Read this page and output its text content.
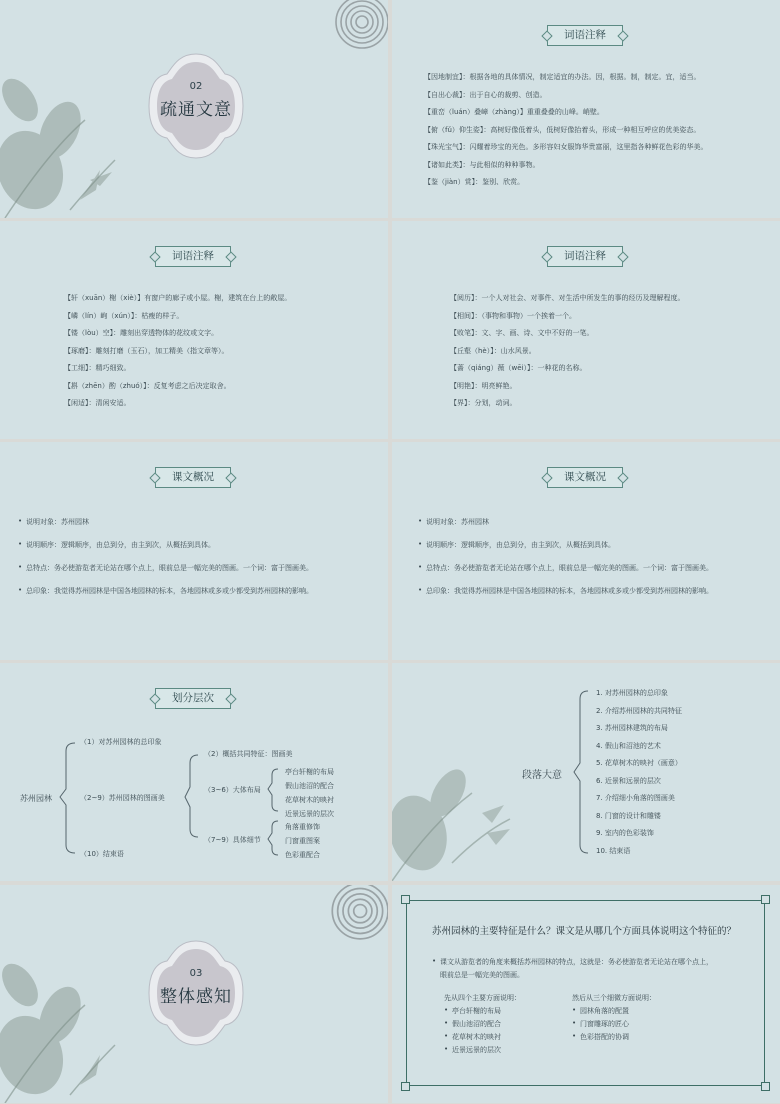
02
疏通文意
词语注释
【因地制宜】：根据各地的具体情况，制定适宜的办法。因，根据。制，制定。宜，适当。
【自出心裁】：出于自心的裁剪、创造。
【重峦（luán）叠嶂（zhàng）】重重叠叠的山峰。峭壁。
【俯（fǔ）仰生姿】：高树好像低着头，低树好像抬着头，形成一种相互呼应的优美姿态。
【珠光宝气】：闪耀着珍宝的光色。多形容妇女服饰华贵富丽，这里指各种鲜花色彩的华美。
【诸如此类】：与此相似的种种事物。
【鉴（jiàn）赏】：鉴别、欣赏。
词语注释
【轩（xuān）榭（xiè）】有窗户的廊子或小屋。榭，建筑在台上的敞屋。
【嶙（lín）峋（xún）】：枯瘦的样子。
【镂（lòu）空】：雕刻出穿透物体的花纹或文字。
【琢磨】：雕刻打磨（玉石），加工精美（指文章等）。
【工细】：精巧细致。
【斟（zhēn）酌（zhuó）】：反复考虑之后决定取舍。
【闲适】：清闲安适。
词语注释
【阅历】：一个人对社会、对事件、对生活中所发生的事的经历及理解程度。
【相间】：（事物和事物）一个挨着一个。
【败笔】：文、字、画、诗、文中不好的一笔。
【丘壑（hè）】：山水风景。
【蔷（qiáng）薇（wēi）】：一种花的名称。
【明艳】：明亮鲜艳。
【界】：分划，动词。
课文概况
• 说明对象：苏州园林
• 说明顺序：逻辑顺序，由总到分，由主到次，从概括到具体。
• 总特点：务必使游览者无论站在哪个点上，眼前总是一幅完美的图画。一个词：富于图画美。
• 总印象：我觉得苏州园林是中国各地园林的标本，各地园林或多或少都受到苏州园林的影响。
课文概况
• 说明对象：苏州园林
• 说明顺序：逻辑顺序，由总到分，由主到次，从概括到具体。
• 总特点：务必使游览者无论站在哪个点上，眼前总是一幅完美的图画。一个词：富于图画美。
• 总印象：我觉得苏州园林是中国各地园林的标本，各地园林或多或少都受到苏州园林的影响。
划分层次
苏州园林
（1）对苏州园林的总印象
（2~9）苏州园林的图画美
（10）结束语
（2）概括共同特征：图画美
（3~6）大体布局
（7~9）具体细节
亭台轩榭的布局
假山池沼的配合
花草树木的映衬
近景远景的层次
角落重修饰
门窗重图案
色彩重配合
段落大意
1. 对苏州园林的总印象
2. 介绍苏州园林的共同特征
3. 苏州园林建筑的布局
4. 假山和沼池的艺术
5. 花草树木的映衬（画意）
6. 近景和远景的层次
7. 介绍细小角落的图画美
8. 门窗的设计和雕镂
9. 室内的色彩装饰
10. 结束语
03
整体感知
苏州园林的主要特征是什么？课文是从哪几个方面具体说明这个特征的？
• 课文从游览者的角度来概括苏州园林的特点，这就是：务必使游览者无论站在哪个点上，
眼前总是一幅完美的图画。
先从四个主要方面说明：
• 亭台轩榭的布局
• 假山池沼的配合
• 花草树木的映衬
• 近景远景的层次
然后从三个细微方面说明：
• 园林角落的配置
• 门窗雕琢的匠心
• 色彩搭配的协调
